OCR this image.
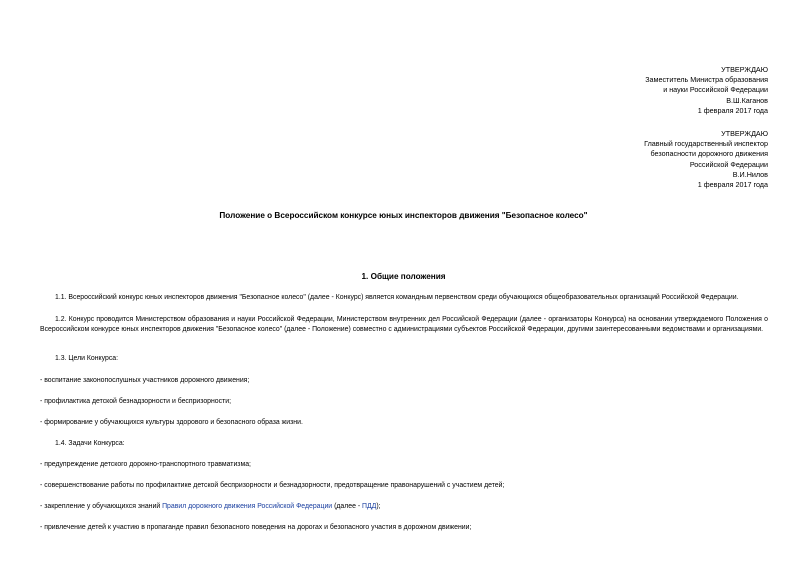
УТВЕРЖДАЮ
Заместитель Министра образования
и науки Российской Федерации
В.Ш.Каганов
1 февраля 2017 года
УТВЕРЖДАЮ
Главный государственный инспектор
безопасности дорожного движения
Российской Федерации
В.И.Нилов
1 февраля 2017 года
Положение о Всероссийском конкурсе юных инспекторов движения "Безопасное колесо"
1. Общие положения
1.1. Всероссийский конкурс юных инспекторов движения "Безопасное колесо" (далее - Конкурс) является командным первенством среди обучающихся общеобразовательных организаций Российской Федерации.
1.2. Конкурс проводится Министерством образования и науки Российской Федерации, Министерством внутренних дел Российской Федерации (далее - организаторы Конкурса) на основании утверждаемого Положения о Всероссийском конкурсе юных инспекторов движения "Безопасное колесо" (далее - Положение) совместно с администрациями субъектов Российской Федерации, другими заинтересованными ведомствами и организациями.
1.3. Цели Конкурса:
- воспитание законопослушных участников дорожного движения;
- профилактика детской безнадзорности и беспризорности;
- формирование у обучающихся культуры здорового и безопасного образа жизни.
1.4. Задачи Конкурса:
- предупреждение детского дорожно-транспортного травматизма;
- совершенствование работы по профилактике детской беспризорности и безнадзорности, предотвращение правонарушений с участием детей;
- закрепление у обучающихся знаний Правил дорожного движения Российской Федерации (далее - ПДД);
- привлечение детей к участию в пропаганде правил безопасного поведения на дорогах и безопасного участия в дорожном движении;
